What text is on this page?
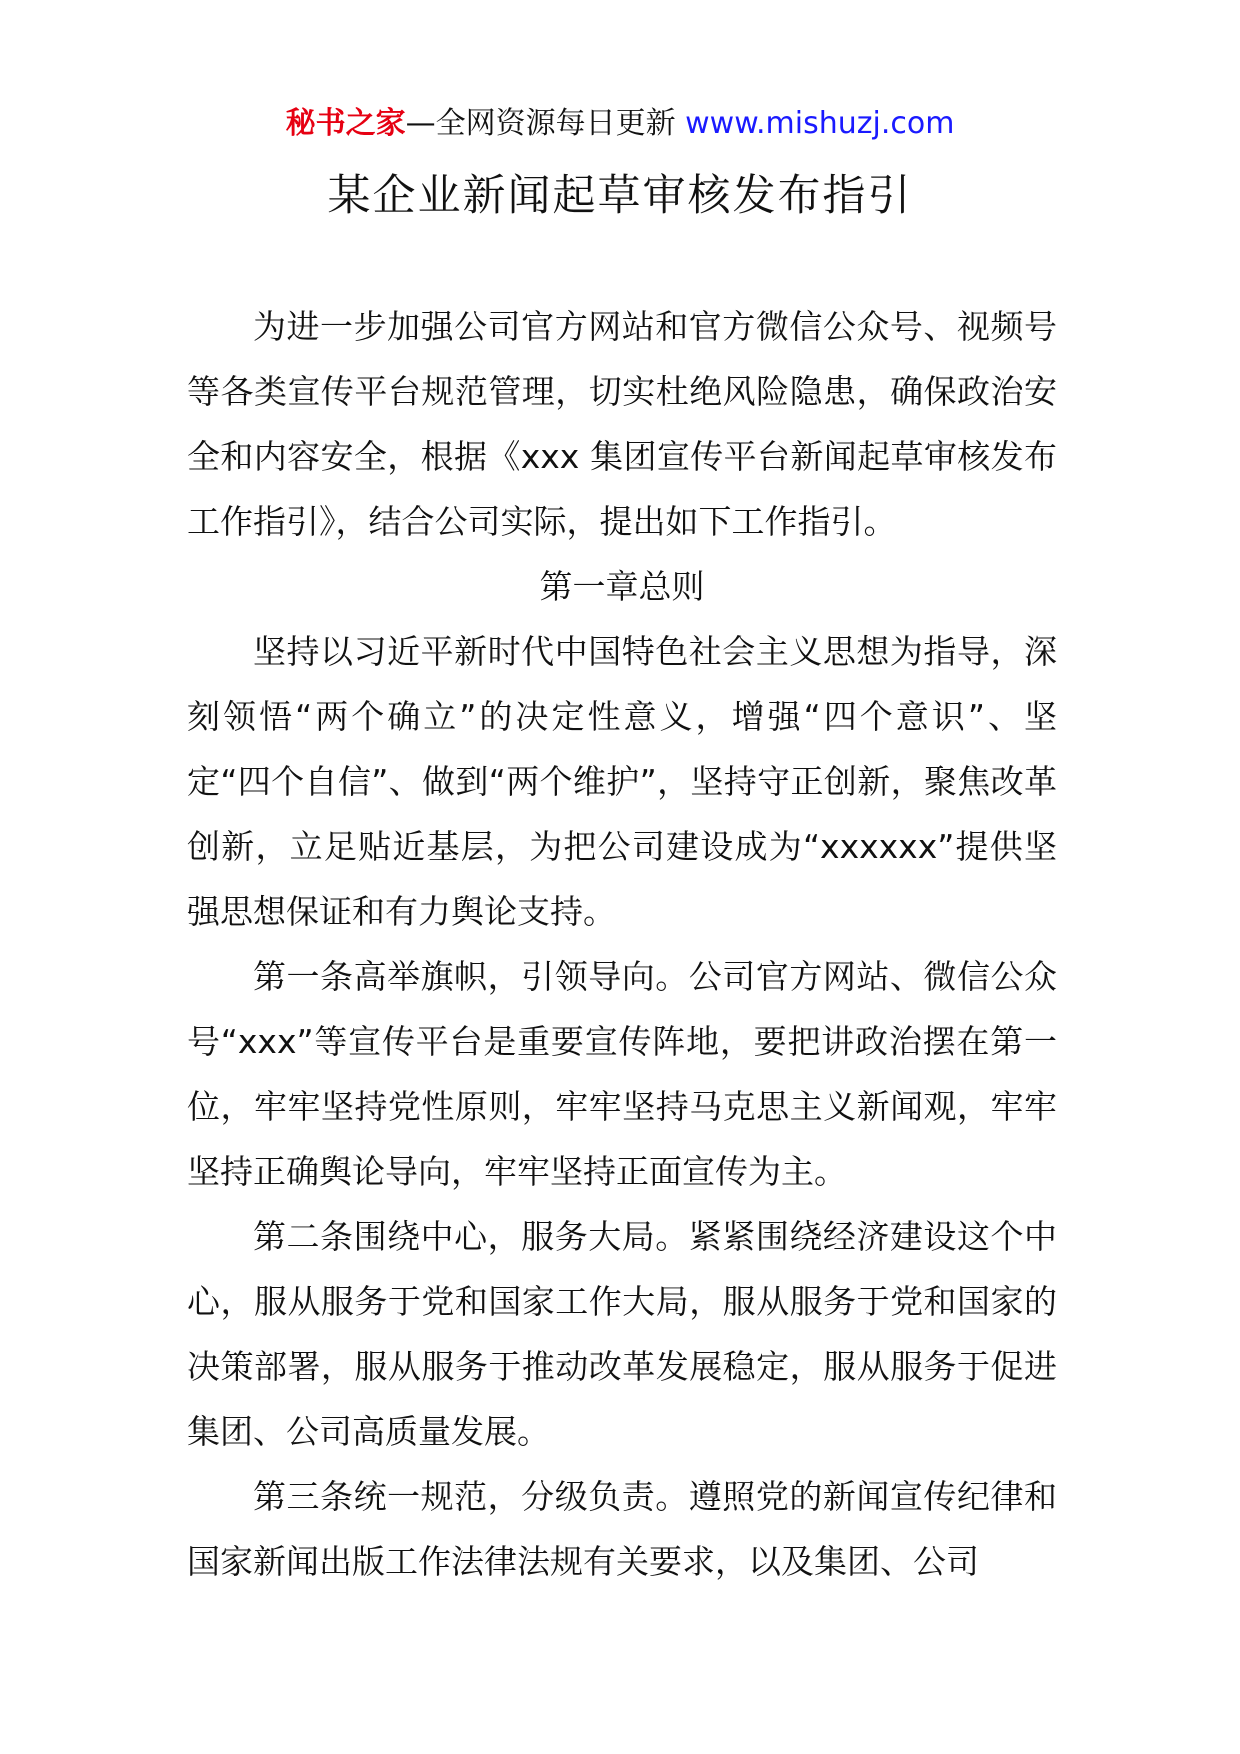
秘书之家—全网资源每日更新 www.mishuzj.com
某企业新闻起草审核发布指引

为进一步加强公司官方网站和官方微信公众号、视频号等各类宣传平台规范管理，切实杜绝风险隐患，确保政治安全和内容安全，根据《xxx 集团宣传平台新闻起草审核发布工作指引》，结合公司实际，提出如下工作指引。

第一章总则

坚持以习近平新时代中国特色社会主义思想为指导，深刻领悟“两个确立”的决定性意义，增强“四个意识”、坚定“四个自信”、做到“两个维护”，坚持守正创新，聚焦改革创新，立足贴近基层，为把公司建设成为“xxxxxx”提供坚强思想保证和有力舆论支持。

第一条高举旗帜，引领导向。公司官方网站、微信公众号“xxx”等宣传平台是重要宣传阵地，要把讲政治摆在第一位，牢牢坚持党性原则，牢牢坚持马克思主义新闻观，牢牢坚持正确舆论导向，牢牢坚持正面宣传为主。

第二条围绕中心，服务大局。紧紧围绕经济建设这个中心，服从服务于党和国家工作大局，服从服务于党和国家的决策部署，服从服务于推动改革发展稳定，服从服务于促进集团、公司高质量发展。

第三条统一规范，分级负责。遵照党的新闻宣传纪律和国家新闻出版工作法律法规有关要求，以及集团、公司
